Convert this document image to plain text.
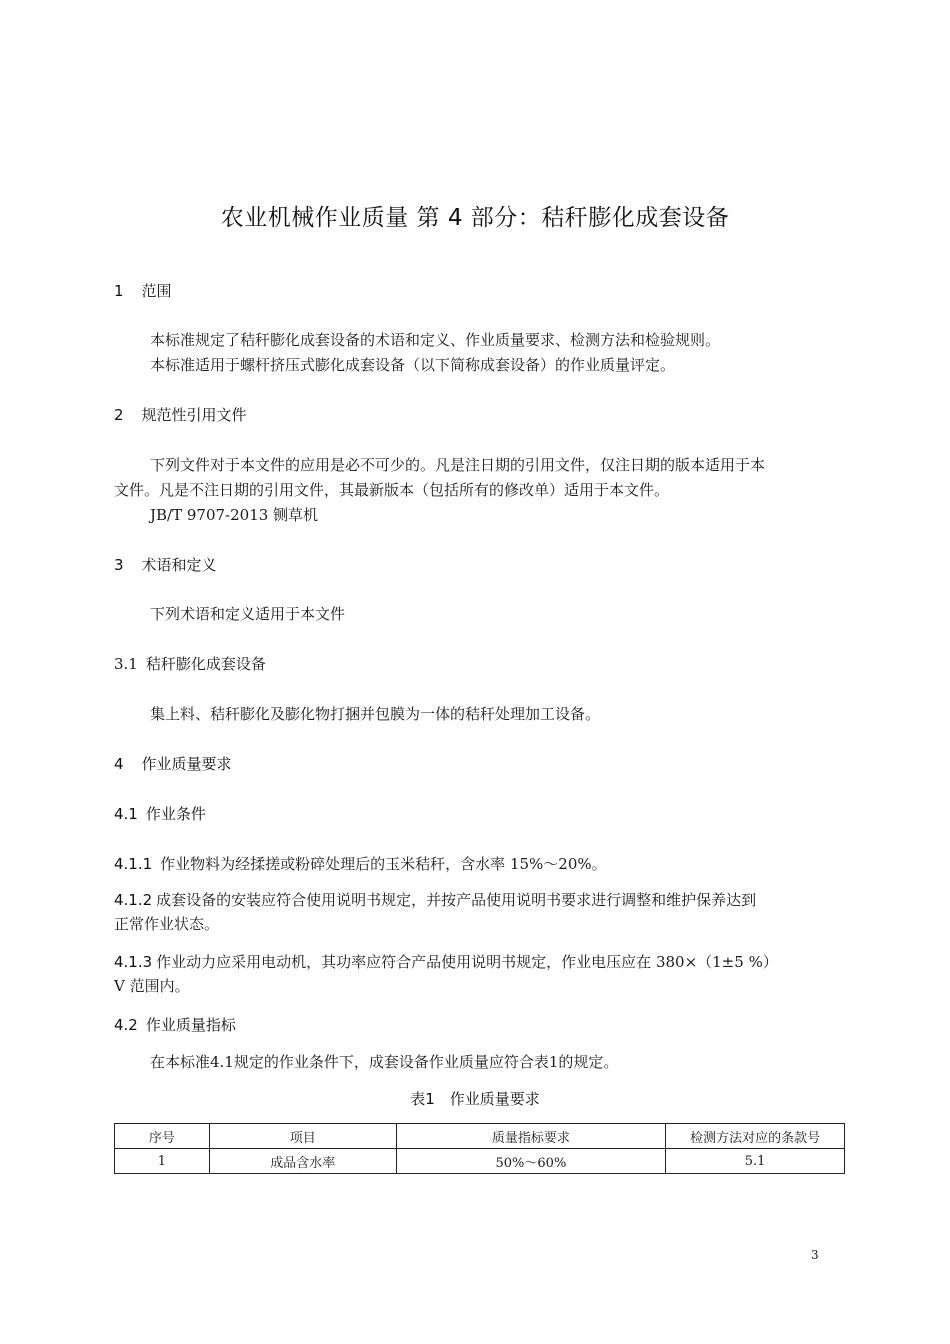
农业机械作业质量 第 4 部分：秸秆膨化成套设备
1 范围
本标准规定了秸秆膨化成套设备的术语和定义、作业质量要求、检测方法和检验规则。
本标准适用于螺杆挤压式膨化成套设备（以下简称成套设备）的作业质量评定。
2 规范性引用文件
下列文件对于本文件的应用是必不可少的。凡是注日期的引用文件，仅注日期的版本适用于本
文件。凡是不注日期的引用文件，其最新版本（包括所有的修改单）适用于本文件。
JB/T 9707-2013 铡草机
3 术语和定义
下列术语和定义适用于本文件
3.1 秸秆膨化成套设备
集上料、秸秆膨化及膨化物打捆并包膜为一体的秸秆处理加工设备。
4 作业质量要求
4.1 作业条件
4.1.1 作业物料为经揉搓或粉碎处理后的玉米秸秆，含水率 15%～20%。
4.1.2 成套设备的安装应符合使用说明书规定，并按产品使用说明书要求进行调整和维护保养达到
正常作业状态。
4.1.3 作业动力应采用电动机，其功率应符合产品使用说明书规定，作业电压应在 380×（1±5 %）
V 范围内。
4.2 作业质量指标
在本标准4.1规定的作业条件下，成套设备作业质量应符合表1的规定。
表1　作业质量要求
序号	项目	质量指标要求	检测方法对应的条款号
1	成品含水率	50%～60%	5.1
3
